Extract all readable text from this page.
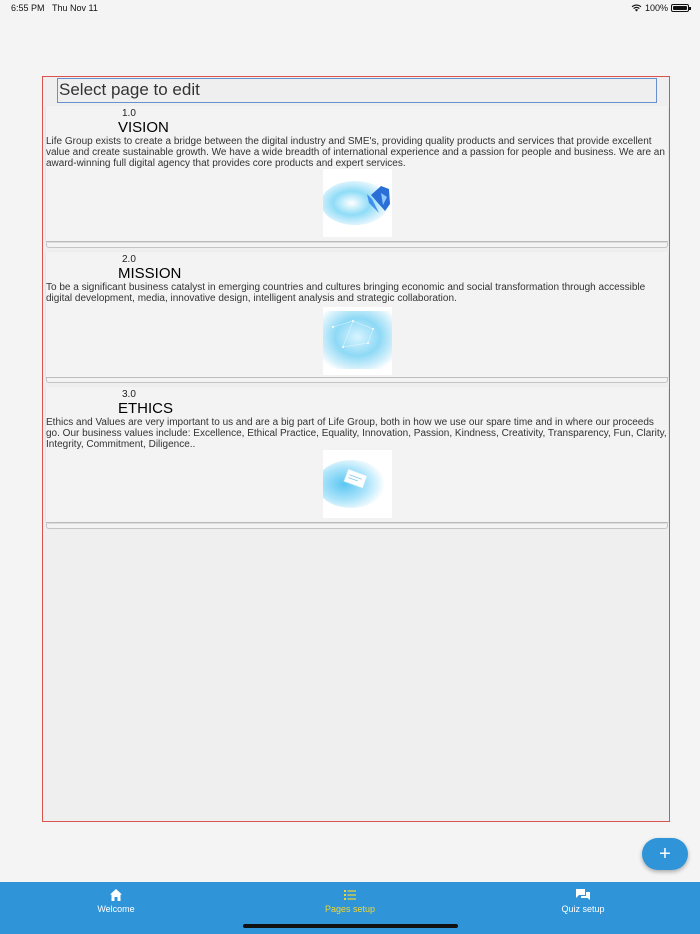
6:55 PM Thu Nov 11	100%
Select page to edit
1.0
VISION
Life Group exists to create a bridge between the digital industry and SME's, providing quality products and services that provide excellent value and create sustainable growth. We have a wide breadth of international experience and a passion for people and business. We are an award-winning full digital agency that provides core products and expert services.
2.0
MISSION
To be a significant business catalyst in emerging countries and cultures bringing economic and social transformation through accessible digital development, media, innovative design, intelligent analysis and strategic collaboration.
3.0
ETHICS
Ethics and Values are very important to us and are a big part of Life Group, both in how we use our spare time and in where our proceeds go. Our business values include: Excellence, Ethical Practice, Equality, Innovation, Passion, Kindness, Creativity, Transparency, Fun, Clarity, Integrity, Commitment, Diligence..
+
Welcome	Pages setup	Quiz setup
